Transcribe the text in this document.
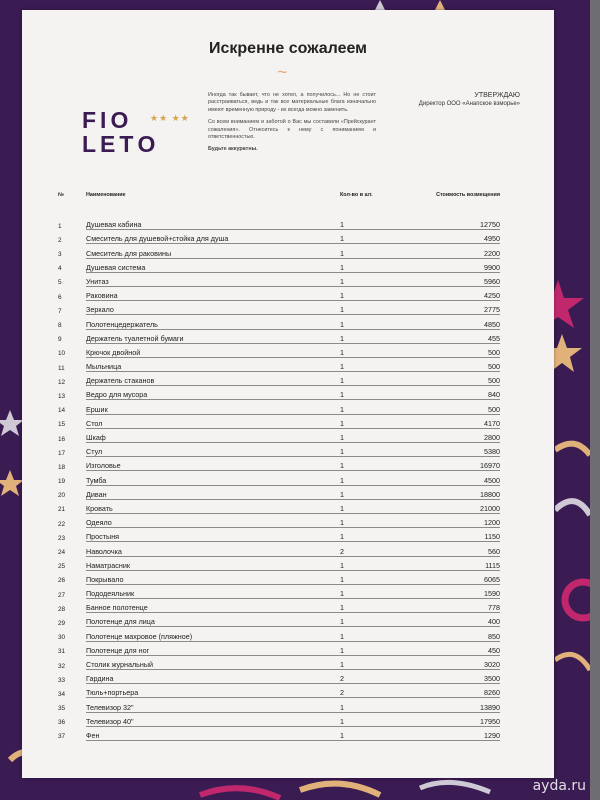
Искренне сожалеем
~
FIO
LEТO
★★ ★★

Иногда так бывает, что не хотел, а получилось... Но не стоит расстраиваться, ведь и так все материальные блага изначально имеют временную природу - их всегда можно заменить.

Со всем вниманием и заботой о Вас мы составили «Прейскурант сожаления». Отнеситесь к нему с пониманием и ответственностью.

Будьте аккуратны.

УТВЕРЖДАЮ
Директор ООО «Анапское взморье»
№	Наименование	Кол-во в шт.	Стоимость возмещения
1	Душевая кабина	1	12750
2	Смеситель для душевой+стойка для душа	1	4950
3	Смеситель для раковины	1	2200
4	Душевая система	1	9900
5	Унитаз	1	5960
6	Раковина	1	4250
7	Зеркало	1	2775
8	Полотенцедержатель	1	4850
9	Держатель туалетной бумаги	1	455
10	Крючок двойной	1	500
11	Мыльница	1	500
12	Держатель стаканов	1	500
13	Ведро для мусора	1	840
14	Ершик	1	500
15	Стол	1	4170
16	Шкаф	1	2800
17	Стул	1	5380
18	Изголовье	1	16970
19	Тумба	1	4500
20	Диван	1	18800
21	Кровать	1	21000
22	Одеяло	1	1200
23	Простыня	1	1150
24	Наволочка	2	560
25	Наматрасник	1	1115
26	Покрывало	1	6065
27	Пододеяльник	1	1590
28	Банное полотенце	1	778
29	Полотенце для лица	1	400
30	Полотенце махровое (пляжное)	1	850
31	Полотенце для ног	1	450
32	Столик журнальный	1	3020
33	Гардина	2	3500
34	Тюль+портьера	2	8260
35	Телевизор 32"	1	13890
36	Телевизор 40"	1	17950
37	Фен	1	1290
ayda.ru
